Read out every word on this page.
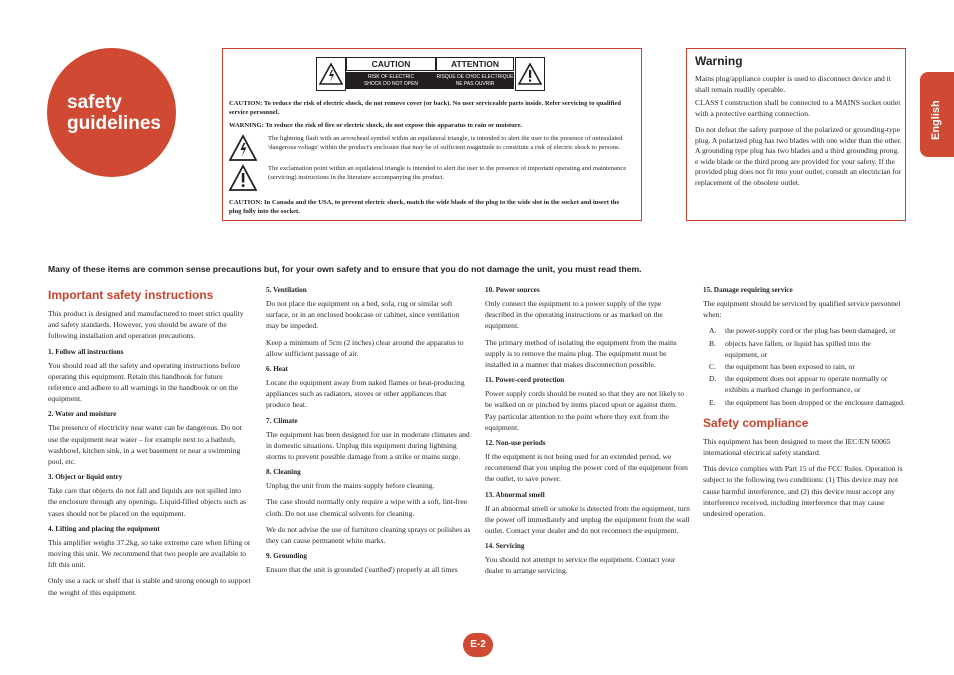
safety
guidelines
CAUTION
RISK OF ELECTRIC
SHOCK DO NOT OPEN
ATTENTION
RISQUE DE CHOC ELECTRIQUE
NE PAS OUVRIR
CAUTION: To reduce the risk of electric shock, do not remove cover (or back). No user serviceable parts inside. Refer servicing to qualified service personnel.
WARNING: To reduce the risk of fire or electric shock, do not expose this apparatus to rain or moisture.
The lightning flash with an arrowhead symbol within an equilateral triangle, is intended to alert the user to the presence of uninsulated 'dangerous voltage' within the product's enclosure that may be of sufficient magnitude to constitute a risk of electric shock to persons.
The exclamation point within an equilateral triangle is intended to alert the user to the presence of important operating and maintenance (servicing) instructions in the literature accompanying the product.
CAUTION: In Canada and the USA, to prevent electric shock, match the wide blade of the plug to the wide slot in the socket and insert the plug fully into the socket.
Warning
Mains plug/appliance coupler is used to disconnect device and it shall remain readily operable.
CLASS I construction shall be connected to a MAINS socket outlet with a protective earthing connection.
Do not defeat the safety purpose of the polarized or grounding-type plug. A polarized plug has two blades with one wider than the other. A grounding type plug has two blades and a third grounding prong. e wide blade or the third prong are provided for your safety. If the provided plug does not fit into your outlet, consult an electrician for replacement of the obsolete outlet.
English
Many of these items are common sense precautions but, for your own safety and to ensure that you do not damage the unit, you must read them.
Important safety instructions
This product is designed and manufactured to meet strict quality and safety standards. However, you should be aware of the following installation and operation precautions.
1. Follow all instructions
You should read all the safety and operating instructions before operating this equipment. Retain this handbook for future reference and adhere to all warnings in the handbook or on the equipment.
2. Water and moisture
The presence of electricity near water can be dangerous. Do not use the equipment near water – for example next to a bathtub, washbowl, kitchen sink, in a wet basement or near a swimming pool, etc.
3. Object or liquid entry
Take care that objects do not fall and liquids are not spilled into the enclosure through any openings. Liquid-filled objects such as vases should not be placed on the equipment.
4. Lifting and placing the equipment
This amplifier weighs 37.2kg, so take extreme care when lifting or moving this unit. We recommend that two people are available to lift this unit.
Only use a rack or shelf that is stable and strong enough to support the weight of this equipment.
5. Ventilation
Do not place the equipment on a bed, sofa, rug or similar soft surface, or in an enclosed bookcase or cabinet, since ventilation may be impeded.
Keep a minimum of 5cm (2 inches) clear around the apparatus to allow sufficient passage of air.
6. Heat
Locate the equipment away from naked flames or heat-producing appliances such as radiators, stoves or other appliances that produce heat.
7. Climate
The equipment has been designed for use in moderate climates and in domestic situations. Unplug this equipment during lightning storms to prevent possible damage from a strike or mains surge.
8. Cleaning
Unplug the unit from the mains supply before cleaning.
The case should normally only require a wipe with a soft, lint-free cloth. Do not use chemical solvents for cleaning.
We do not advise the use of furniture cleaning sprays or polishes as they can cause permanent white marks.
9. Grounding
Ensure that the unit is grounded ('earthed') properly at all times
10. Power sources
Only connect the equipment to a power supply of the type described in the operating instructions or as marked on the equipment.
The primary method of isolating the equipment from the mains supply is to remove the mains plug. The equipment must be installed in a manner that makes disconnection possible.
11. Power-cord protection
Power supply cords should be routed so that they are not likely to be walked on or pinched by items placed upon or against them. Pay particular attention to the point where they exit from the equipment.
12. Non-use periods
If the equipment is not being used for an extended period, we recommend that you unplug the power cord of the equipment from the outlet, to save power.
13. Abnormal smell
If an abnormal smell or smoke is detected from the equipment, turn the power off immediately and unplug the equipment from the wall outlet. Contact your dealer and do not reconnect the equipment.
14. Servicing
You should not attempt to service the equipment. Contact your dealer to arrange servicing.
15. Damage requiring service
The equipment should be serviced by qualified service personnel when:
A. the power-supply cord or the plug has been damaged, or
B. objects have fallen, or liquid has spilled into the equipment, or
C. the equipment has been exposed to rain, or
D. the equipment does not appear to operate normally or exhibits a marked change in performance, or
E. the equipment has been dropped or the enclosure damaged.
Safety compliance
This equipment has been designed to meet the IEC/EN 60065 international electrical safety standard.
This device complies with Part 15 of the FCC Rules. Operation is subject to the following two conditions: (1) This device may not cause harmful interference, and (2) this device must accept any interference received, including interference that may cause undesired operation.
E-2
